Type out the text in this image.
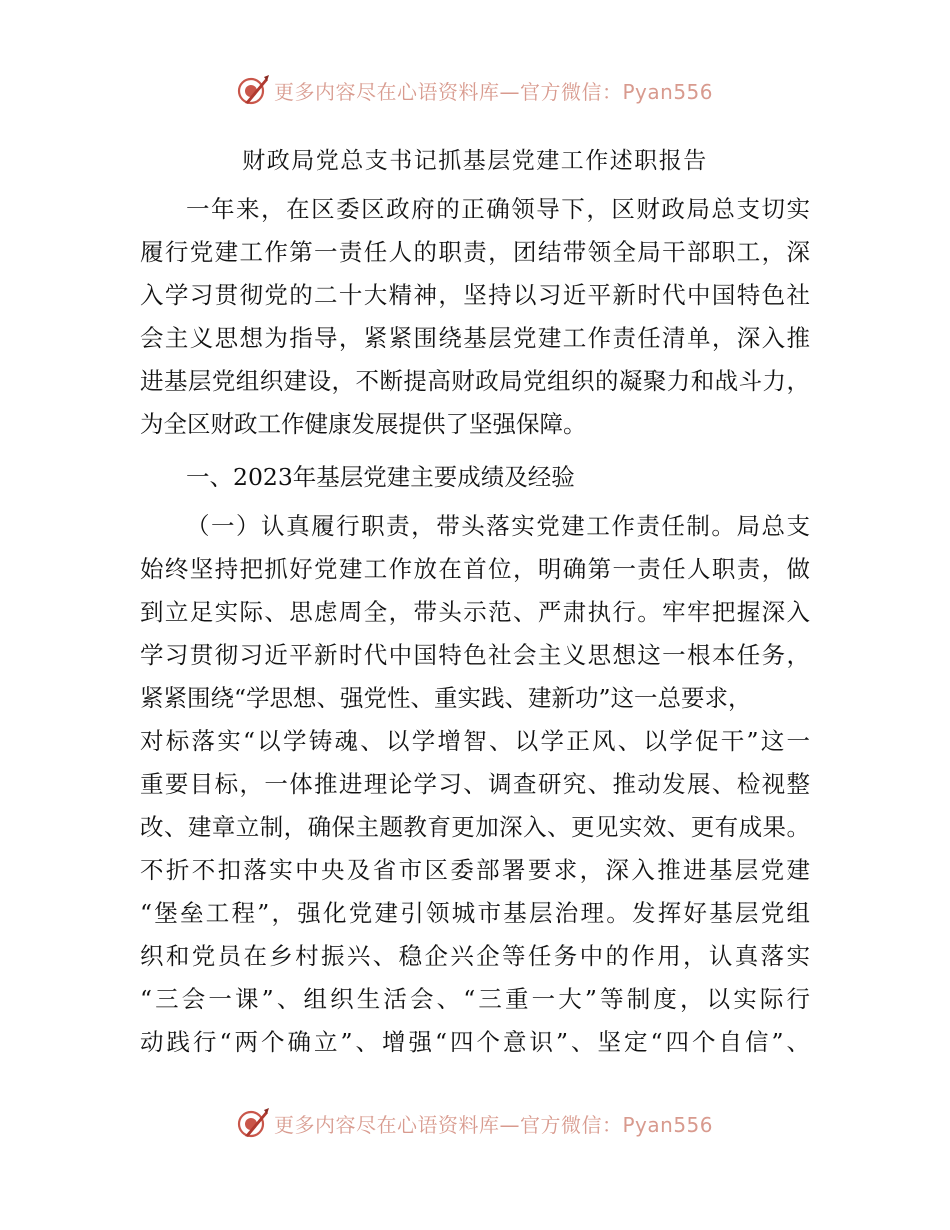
更多内容尽在心语资料库—官方微信：Pyan556
财政局党总支书记抓基层党建工作述职报告
一年来，在区委区政府的正确领导下，区财政局总支切实
履行党建工作第一责任人的职责，团结带领全局干部职工，深
入学习贯彻党的二十大精神，坚持以习近平新时代中国特色社
会主义思想为指导，紧紧围绕基层党建工作责任清单，深入推
进基层党组织建设，不断提高财政局党组织的凝聚力和战斗力，
为全区财政工作健康发展提供了坚强保障。
一、2023年基层党建主要成绩及经验
（一）认真履行职责，带头落实党建工作责任制。局总支
始终坚持把抓好党建工作放在首位，明确第一责任人职责，做
到立足实际、思虑周全，带头示范、严肃执行。牢牢把握深入
学习贯彻习近平新时代中国特色社会主义思想这一根本任务，
紧紧围绕“学思想、强党性、重实践、建新功”这一总要求，
对标落实“以学铸魂、以学增智、以学正风、以学促干”这一
重要目标，一体推进理论学习、调查研究、推动发展、检视整
改、建章立制，确保主题教育更加深入、更见实效、更有成果。
不折不扣落实中央及省市区委部署要求，深入推进基层党建
“堡垒工程”，强化党建引领城市基层治理。发挥好基层党组
织和党员在乡村振兴、稳企兴企等任务中的作用，认真落实
“三会一课”、组织生活会、“三重一大”等制度，以实际行
动践行“两个确立”、增强“四个意识”、坚定“四个自信”、
更多内容尽在心语资料库—官方微信：Pyan556
